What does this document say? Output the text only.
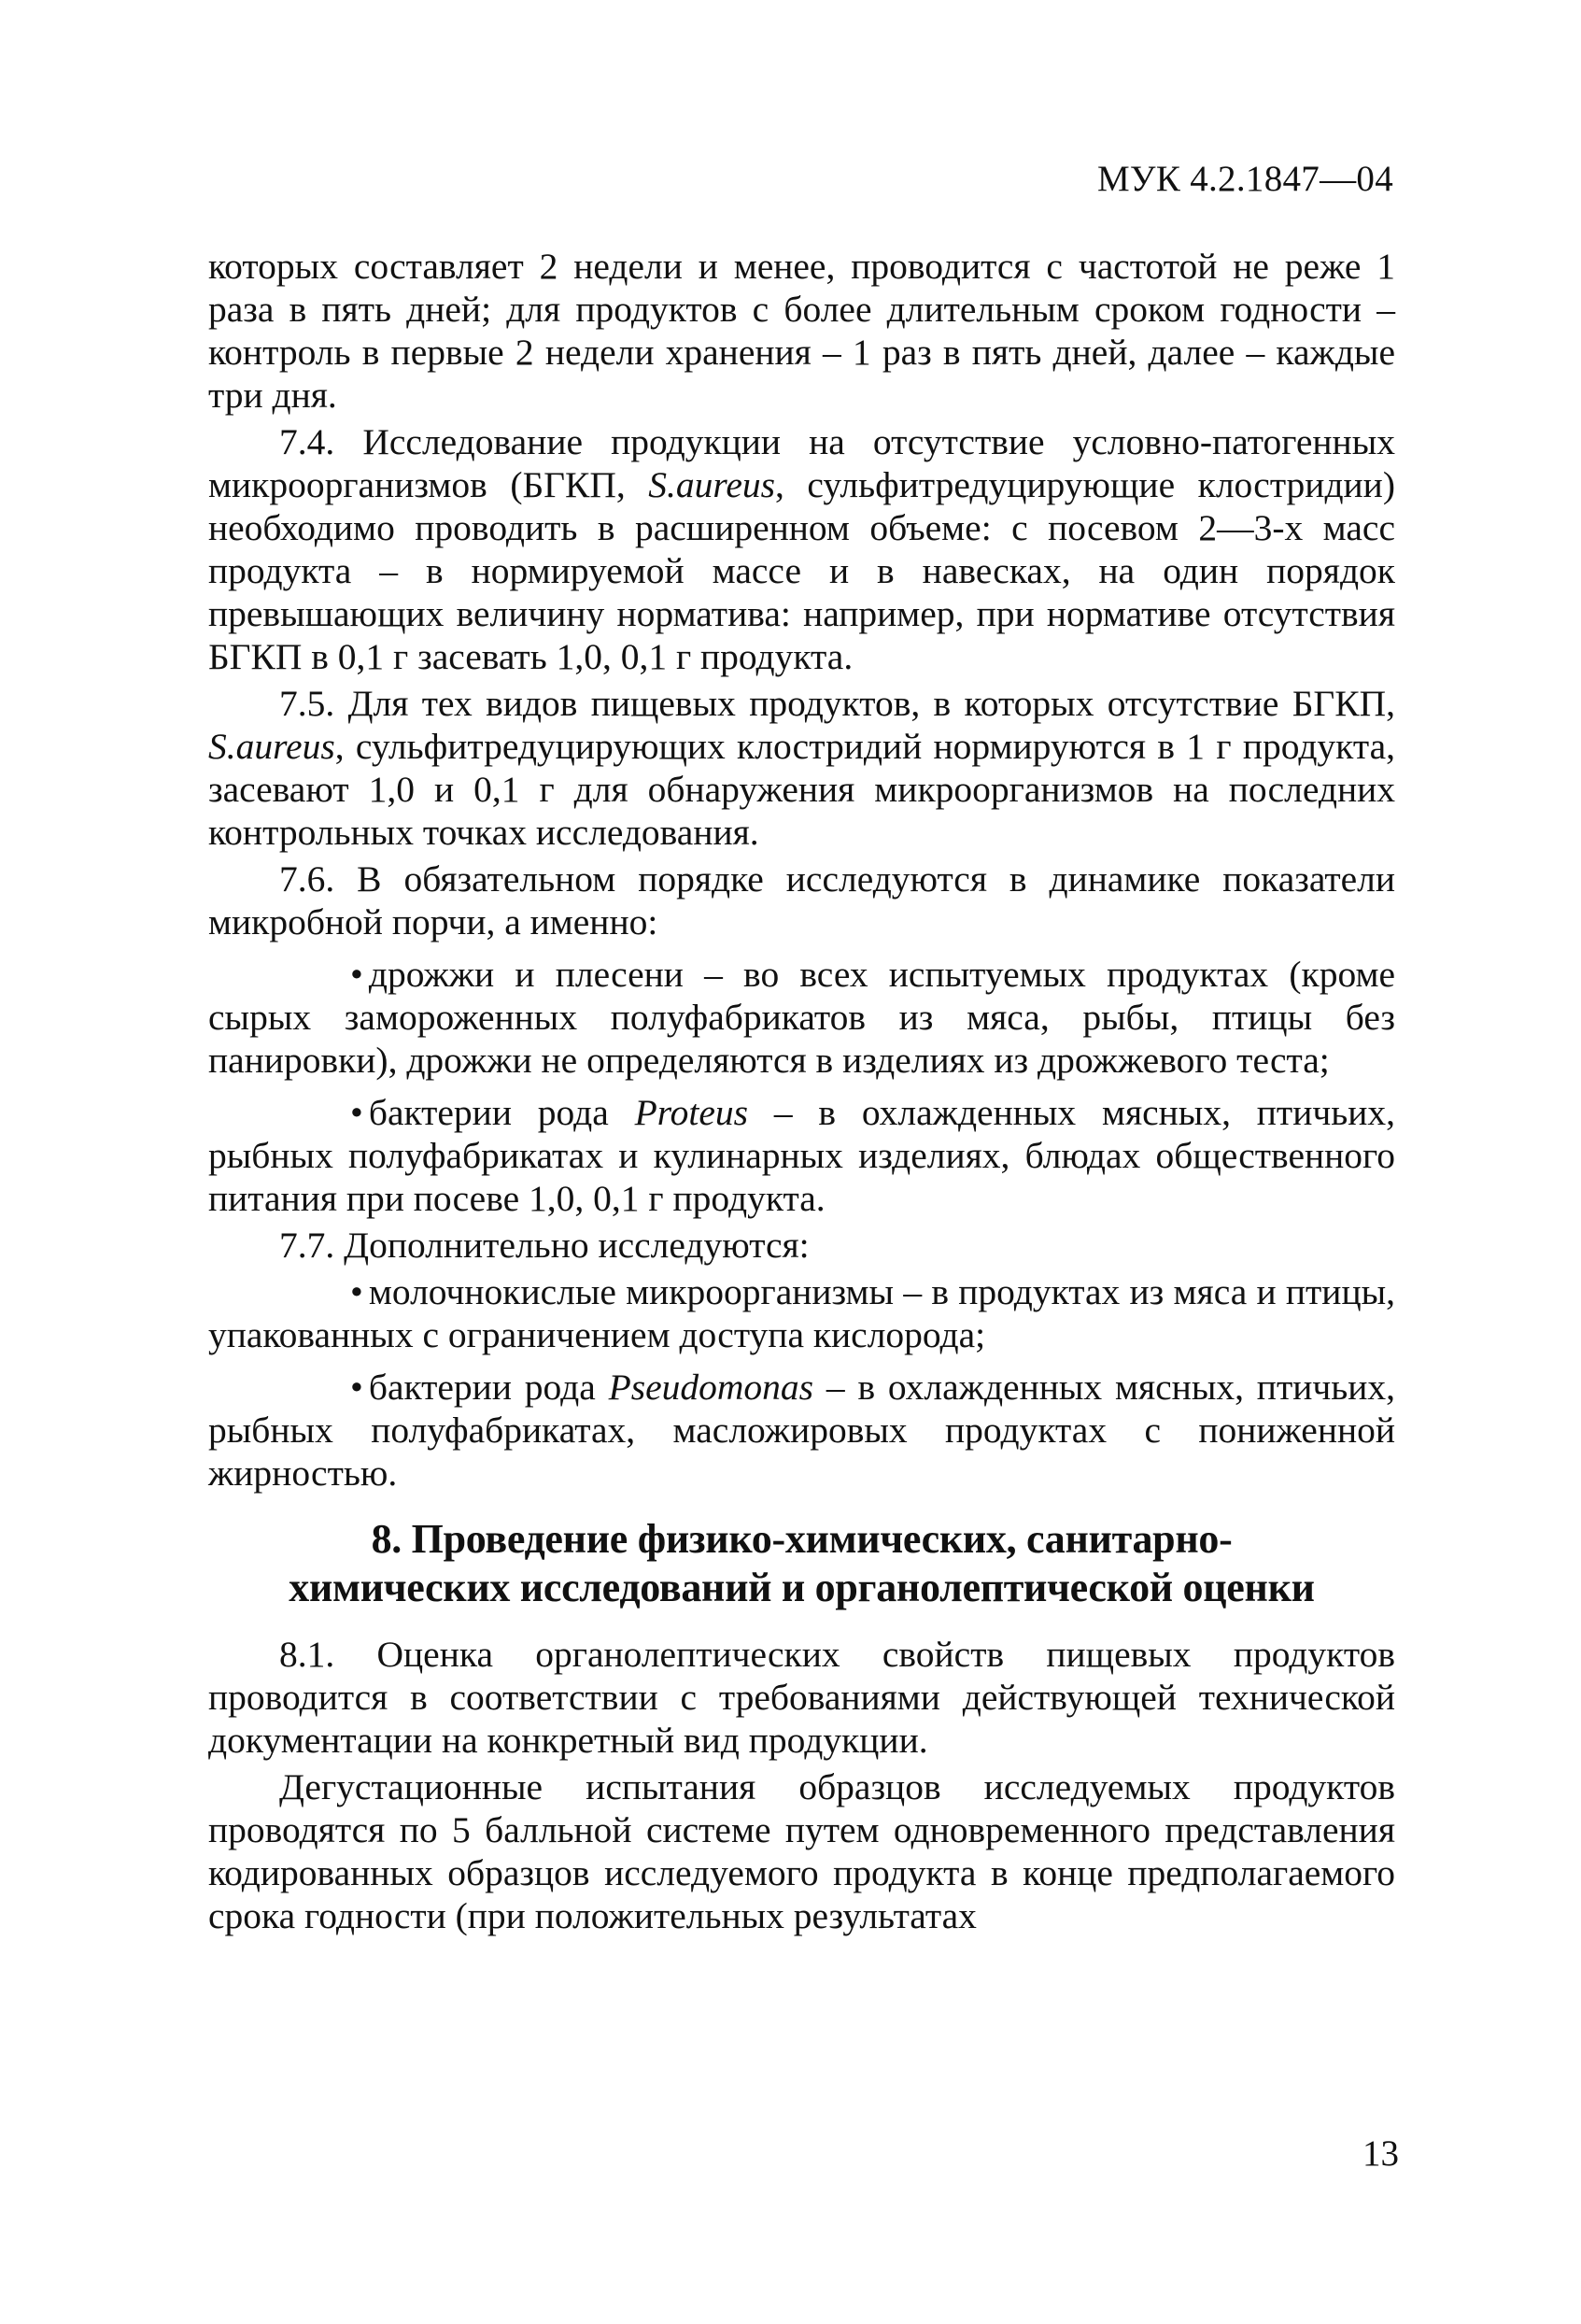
МУК 4.2.1847—04

которых составляет 2 недели и менее, проводится с частотой не реже 1 раза в пять дней; для продуктов с более длительным сроком годности – контроль в первые 2 недели хранения – 1 раз в пять дней, далее – каждые три дня.

7.4. Исследование продукции на отсутствие условно-патогенных микроорганизмов (БГКП, S.aureus, сульфитредуцирующие клостридии) необходимо проводить в расширенном объеме: с посевом 2—3-х масс продукта – в нормируемой массе и в навесках, на один порядок превышающих величину норматива: например, при нормативе отсутствия БГКП в 0,1 г засевать 1,0, 0,1 г продукта.

7.5. Для тех видов пищевых продуктов, в которых отсутствие БГКП, S.aureus, сульфитредуцирующих клостридий нормируются в 1 г продукта, засевают 1,0 и 0,1 г для обнаружения микроорганизмов на последних контрольных точках исследования.

7.6. В обязательном порядке исследуются в динамике показатели микробной порчи, а именно:

• дрожжи и плесени – во всех испытуемых продуктах (кроме сырых замороженных полуфабрикатов из мяса, рыбы, птицы без панировки), дрожжи не определяются в изделиях из дрожжевого теста;

• бактерии рода Proteus – в охлажденных мясных, птичьих, рыбных полуфабрикатах и кулинарных изделиях, блюдах общественного питания при посеве 1,0, 0,1 г продукта.

7.7. Дополнительно исследуются:

• молочнокислые микроорганизмы – в продуктах из мяса и птицы, упакованных с ограничением доступа кислорода;

• бактерии рода Pseudomonas – в охлажденных мясных, птичьих, рыбных полуфабрикатах, масложировых продуктах с пониженной жирностью.

8. Проведение физико-химических, санитарно-
химических исследований и органолептической оценки

8.1. Оценка органолептических свойств пищевых продуктов проводится в соответствии с требованиями действующей технической документации на конкретный вид продукции.

Дегустационные испытания образцов исследуемых продуктов проводятся по 5 балльной системе путем одновременного представления кодированных образцов исследуемого продукта в конце предполагаемого срока годности (при положительных результатах

13
